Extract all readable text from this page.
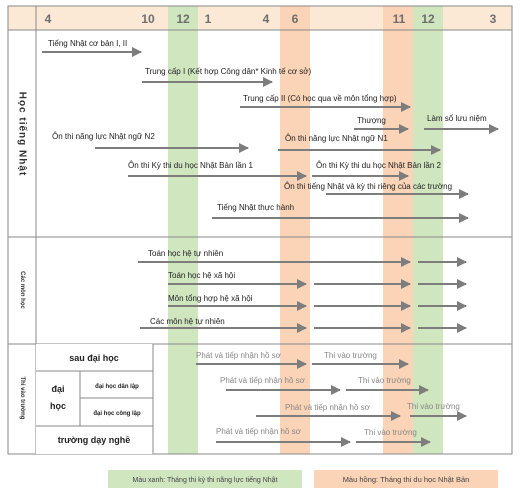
4	10 12 1	4 6	11 12	3
Học tiếng Nhật
Các môn học
Thi vào trường
Tiếng Nhật cơ bản I, II
Trung cấp I (Kết hợp Công dân* Kinh tế cơ sở)
Trung cấp II (Có học qua về môn tổng hợp)
Thượng	Làm sổ lưu niệm
Ôn thi năng lực Nhật ngữ N2	Ôn thi năng lực Nhật ngữ N1
Ôn thi Kỳ thi du học Nhật Bản lần 1	Ôn thi Kỳ thi du học Nhật Bản lần 2
Ôn thi tiếng Nhật và kỳ thi riêng của các trường
Tiếng Nhật thực hành
Toán học hệ tự nhiên
Toán học hệ xã hội
Môn tổng hợp hệ xã hội
Các môn hệ tự nhiên
sau đại học
đại học
đại học dân lập
đại học công lập
trường dạy nghề
Phát và tiếp nhận hồ sơ	Thi vào trường
Phát và tiếp nhận hồ sơ	Thi vào trường
Phát và tiếp nhận hồ sơ	Thi vào trường
Phát và tiếp nhận hồ sơ	Thi vào trường
Màu xanh: Tháng thi kỳ thi năng lực tiếng Nhật	Màu hồng: Tháng thi du học Nhật Bản
